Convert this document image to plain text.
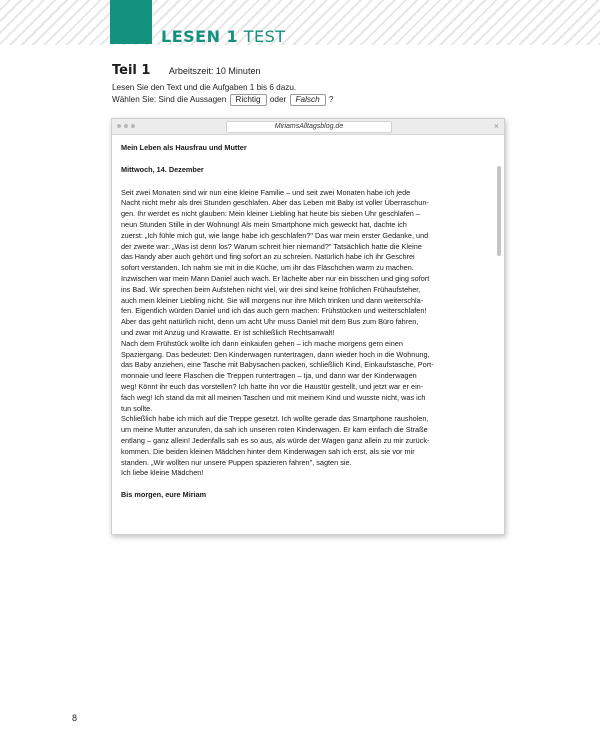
LESEN 1 TEST
Teil 1 Arbeitszeit: 10 Minuten
Lesen Sie den Text und die Aufgaben 1 bis 6 dazu.
Wählen Sie: Sind die Aussagen Richtig oder Falsch ?
MiriamsAlltagsblog.de	×

Mein Leben als Hausfrau und Mutter

Mittwoch, 14. Dezember

Seit zwei Monaten sind wir nun eine kleine Familie – und seit zwei Monaten habe ich jede

Nacht nicht mehr als drei Stunden geschlafen. Aber das Leben mit Baby ist voller Überraschun-

gen. Ihr werdet es nicht glauben: Mein kleiner Liebling hat heute bis sieben Uhr geschlafen –

neun Stunden Stille in der Wohnung! Als mein Smartphone mich geweckt hat, dachte ich

zuerst: „Ich fühle mich gut, wie lange habe ich geschlafen?" Das war mein erster Gedanke, und

der zweite war: „Was ist denn los? Warum schreit hier niemand?" Tatsächlich hatte die Kleine

das Handy aber auch gehört und fing sofort an zu schreien. Natürlich habe ich ihr Geschrei

sofort verstanden. Ich nahm sie mit in die Küche, um ihr das Fläschchen warm zu machen.

Inzwischen war mein Mann Daniel auch wach. Er lächelte aber nur ein bisschen und ging sofort

ins Bad. Wir sprechen beim Aufstehen nicht viel, wir drei sind keine fröhlichen Frühaufsteher,

auch mein kleiner Liebling nicht. Sie will morgens nur ihre Milch trinken und dann weiterschla-

fen. Eigentlich würden Daniel und ich das auch gern machen: Frühstücken und weiterschlafen!

Aber das geht natürlich nicht, denn um acht Uhr muss Daniel mit dem Bus zum Büro fahren,

und zwar mit Anzug und Krawatte. Er ist schließlich Rechtsanwalt!

Nach dem Frühstück wollte ich dann einkaufen gehen – ich mache morgens gern einen

Spaziergang. Das bedeutet: Den Kinderwagen runtertragen, dann wieder hoch in die Wohnung,

das Baby anziehen, eine Tasche mit Babysachen packen, schließlich Kind, Einkaufstasche, Port-

monnaie und leere Flaschen die Treppen runtertragen – tja, und dann war der Kinderwagen

weg! Könnt ihr euch das vorstellen? Ich hatte ihn vor die Haustür gestellt, und jetzt war er ein-

fach weg! Ich stand da mit all meinen Taschen und mit meinem Kind und wusste nicht, was ich

tun sollte.

Schließlich habe ich mich auf die Treppe gesetzt. Ich wollte gerade das Smartphone rausholen,

um meine Mutter anzurufen, da sah ich unseren roten Kinderwagen. Er kam einfach die Straße

entlang – ganz allein! Jedenfalls sah es so aus, als würde der Wagen ganz allein zu mir zurück-

kommen. Die beiden kleinen Mädchen hinter dem Kinderwagen sah ich erst, als sie vor mir

standen. „Wir wollten nur unsere Puppen spazieren fahren", sagten sie.

Ich liebe kleine Mädchen!

Bis morgen, eure Miriam

8
